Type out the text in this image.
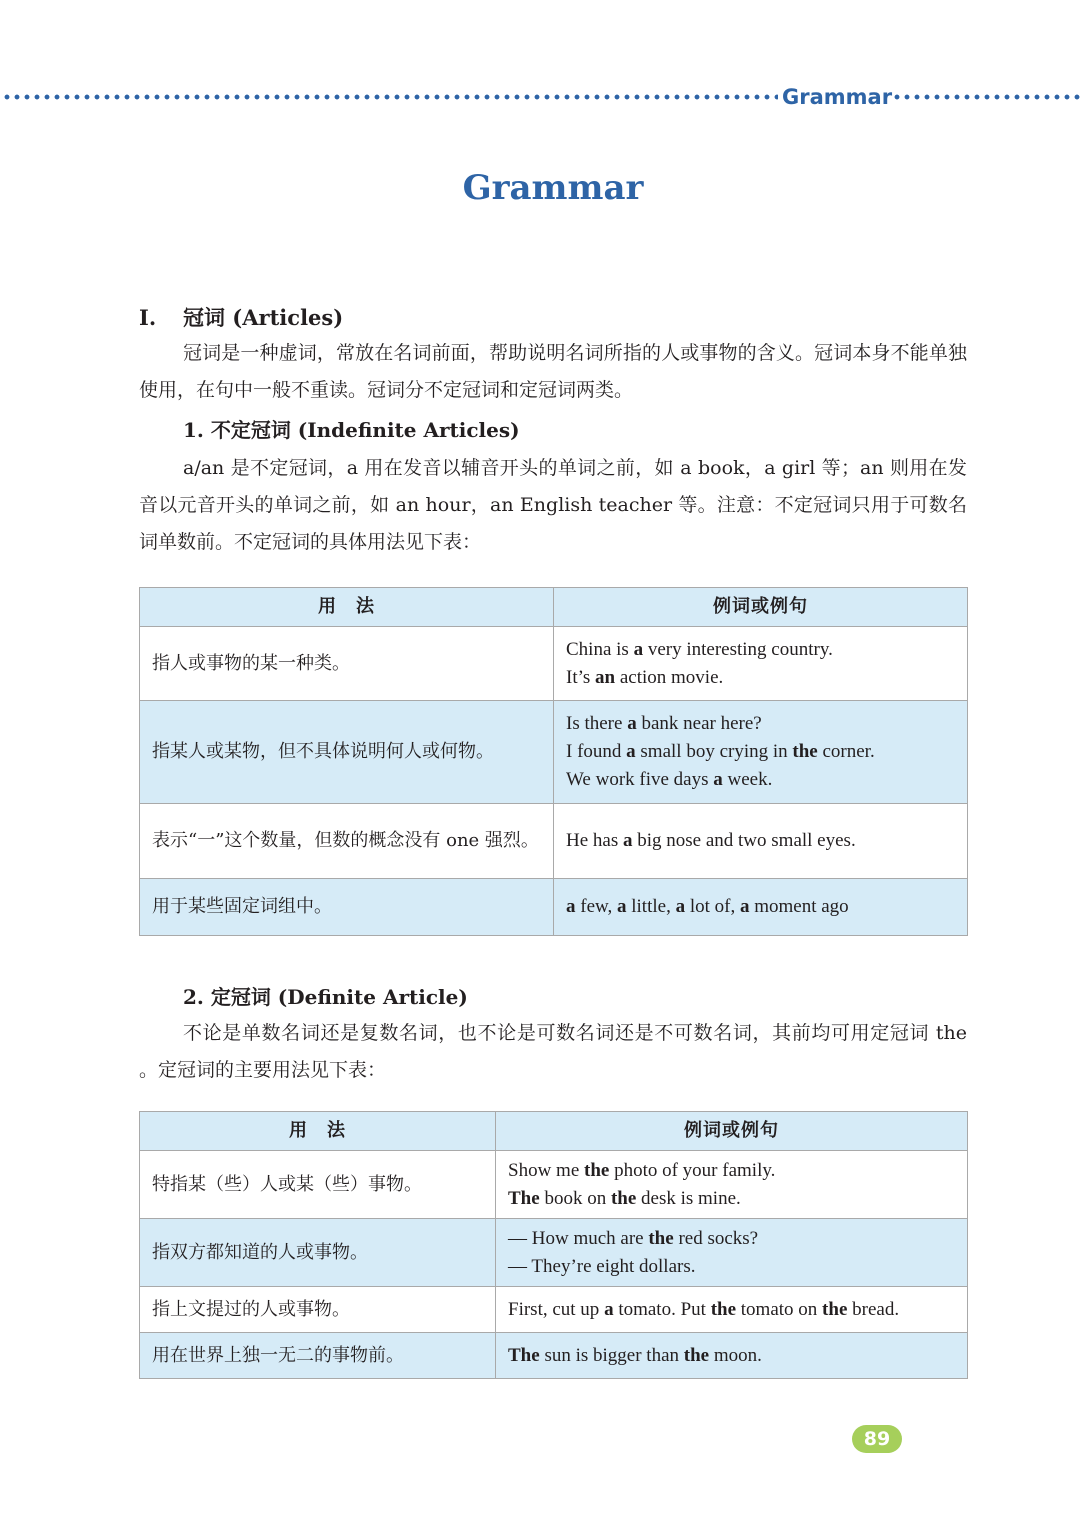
Grammar
Grammar
I. 冠词 (Articles)

冠词是一种虚词，常放在名词前面，帮助说明名词所指的人或事物的含义。冠词本身不能单独使用，在句中一般不重读。冠词分不定冠词和定冠词两类。

1. 不定冠词 (Indefinite Articles)

a/an 是不定冠词，a 用在发音以辅音开头的单词之前，如 a book，a girl 等；an 则用在发音以元音开头的单词之前，如 an hour，an English teacher 等。注意：不定冠词只用于可数名词单数前。不定冠词的具体用法见下表：

用　法	例词或例句
指人或事物的某一种类。	China is a very interesting country.
It’s an action movie.

指某人或某物，但不具体说明何人或何物。	Is there a bank near here?
I found a small boy crying in the corner.
We work five days a week.

表示“一”这个数量，但数的概念没有 one 强烈。	He has a big nose and two small eyes.

用于某些固定词组中。	a few, a little, a lot of, a moment ago
2. 定冠词 (Definite Article)

不论是单数名词还是复数名词，也不论是可数名词还是不可数名词，其前均可用定冠词 the 。定冠词的主要用法见下表：

用　法	例词或例句
特指某（些）人或某（些）事物。	Show me the photo of your family.
The book on the desk is mine.

指双方都知道的人或事物。	— How much are the red socks?
— They’re eight dollars.

指上文提过的人或事物。	First, cut up a tomato. Put the tomato on the bread.

用在世界上独一无二的事物前。	The sun is bigger than the moon.
89
